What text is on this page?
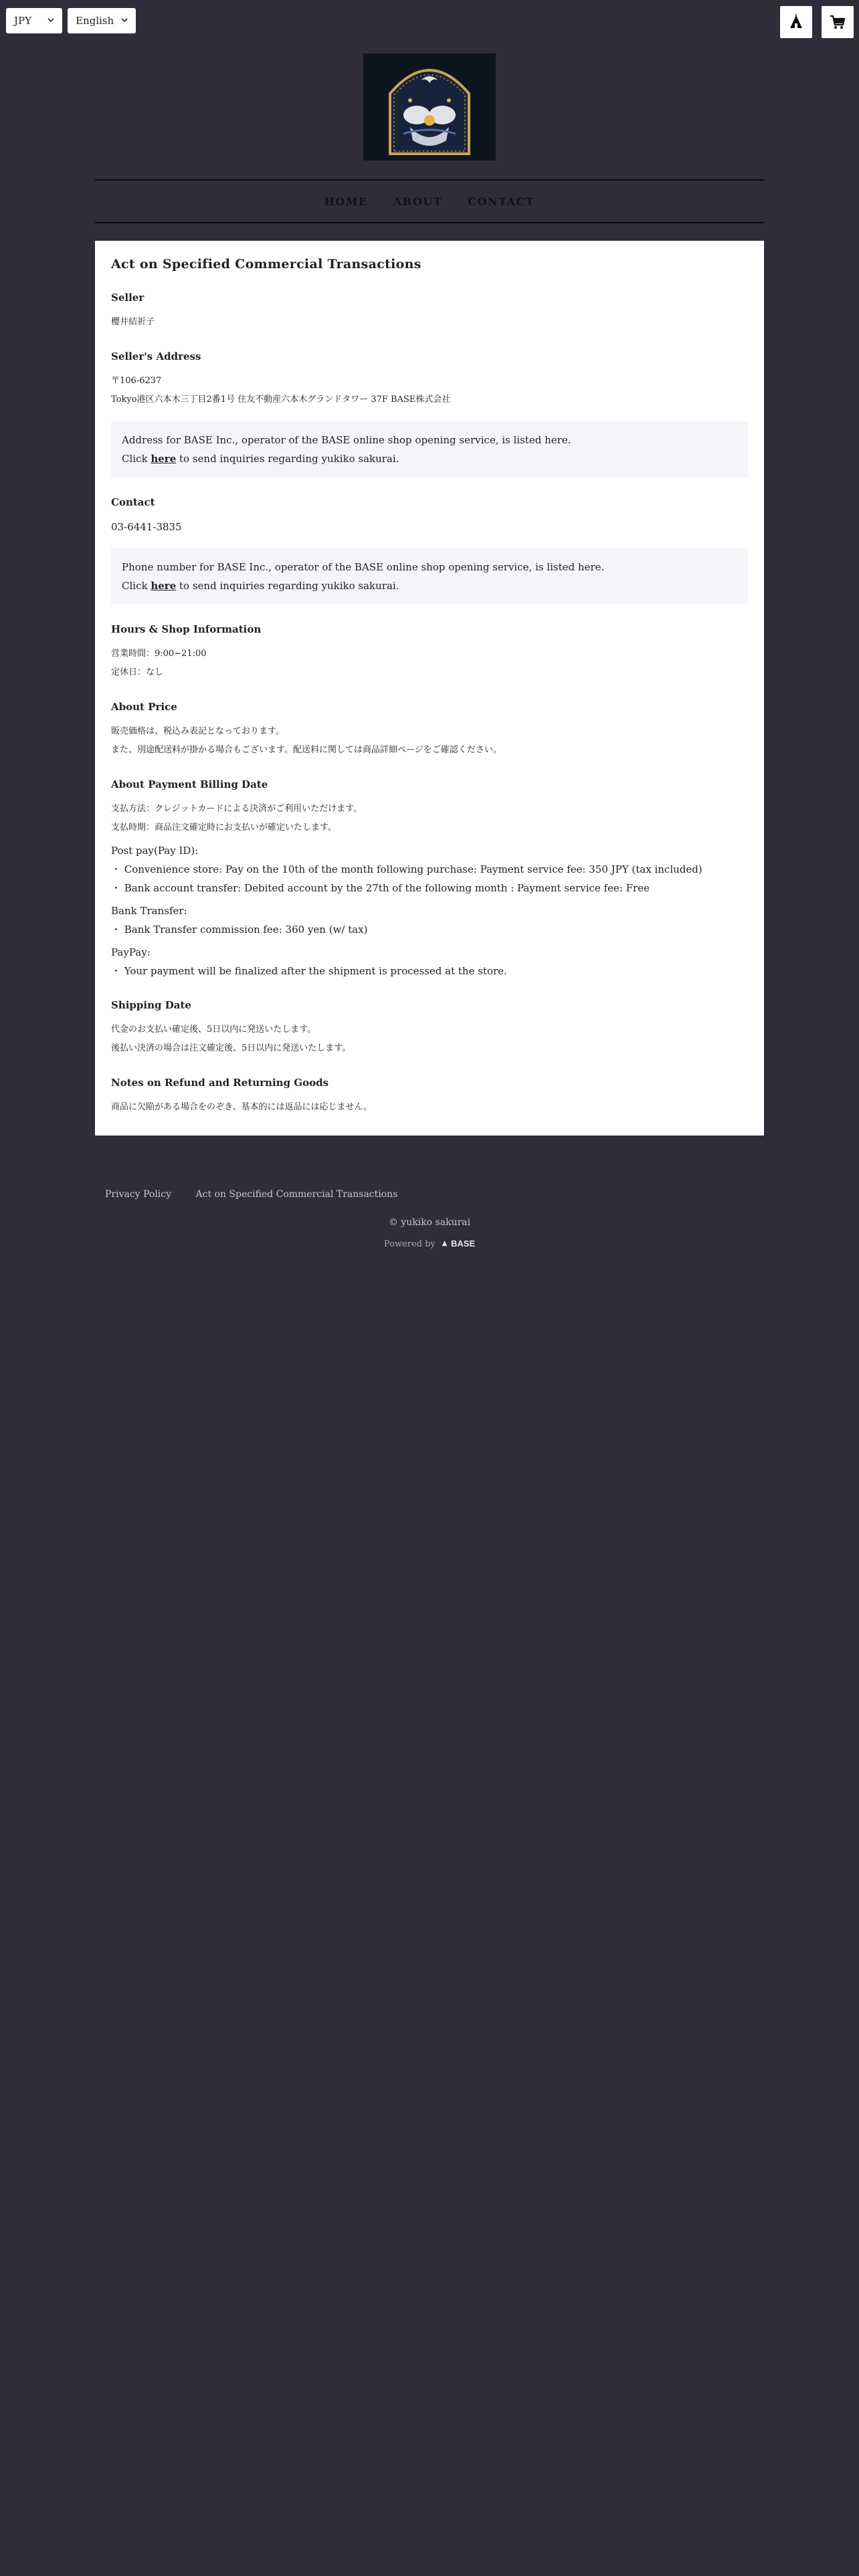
JPY	English
HOME ABOUT CONTACT
Act on Specified Commercial Transactions
Seller
櫻井結祈子
Seller's Address
〒106-6237
Tokyo港区六本木三丁目2番1号 住友不動産六本木グランドタワー 37F BASE株式会社
Address for BASE Inc., operator of the BASE online shop opening service, is listed here.
Click here to send inquiries regarding yukiko sakurai.
Contact
03-6441-3835
Phone number for BASE Inc., operator of the BASE online shop opening service, is listed here.
Click here to send inquiries regarding yukiko sakurai.
Hours & Shop Information
営業時間：9:00~21:00
定休日：なし
About Price
販売価格は、税込み表記となっております。
また、別途配送料が掛かる場合もございます。配送料に関しては商品詳細ページをご確認ください。
About Payment Billing Date
支払方法：クレジットカードによる決済がご利用いただけます。
支払時期：商品注文確定時にお支払いが確定いたします。
Post pay(Pay ID):
・ Convenience store: Pay on the 10th of the month following purchase: Payment service fee: 350 JPY (tax included)
・ Bank account transfer: Debited account by the 27th of the following month : Payment service fee: Free
Bank Transfer:
・ Bank Transfer commission fee: 360 yen (w/ tax)
PayPay:
・ Your payment will be finalized after the shipment is processed at the store.
Shipping Date
代金のお支払い確定後、5日以内に発送いたします。
後払い決済の場合は注文確定後、5日以内に発送いたします。
Notes on Refund and Returning Goods
商品に欠陥がある場合をのぞき、基本的には返品には応じません。
Privacy Policy	Act on Specified Commercial Transactions
© yukiko sakurai
Powered by BASE
